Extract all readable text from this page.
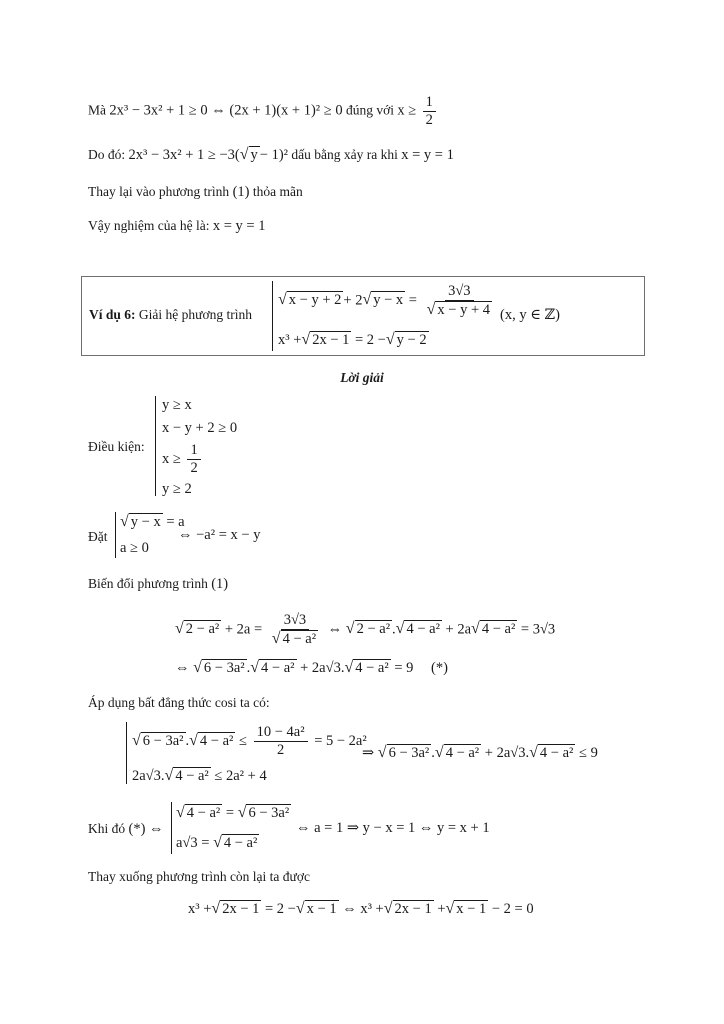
Mà 2x³ − 3x² + 1 ≥ 0 ⇔ (2x + 1)(x + 1)² ≥ 0 đúng với $x \ge \frac{1}{2}$
Do đó: 2x³ − 3x² + 1 ≥ −3(√ y − 1)² dấu bằng xảy ra khi x = y = 1
Thay lại vào phương trình (1) thỏa mãn
Vậy nghiệm của hệ là: x = y = 1
Ví dụ 6: Giải hệ phương trình
√ x − y + 2 + 2√ $y - x = \frac{3√3}{√ x - y + 4} (x$, y ∈ ℤ)
x³ +√ 2x − 1 = 2 −√ y − 2
Lời giải
Điều kiện:
y ≥ x
x − y + 2 ≥ 0
$x \ge \frac{1}{2}$
y ≥ 2
Đặt
√ y − x = a
a ≥ 0
⇔ −a² = x − y
Biến đổi phương trình (1)
√ $2 - a^2 + 2a = \frac{3√3}{\text{√ 4 − a²}}$ ⇔ √ 2 − a² .√ 4 − a² + 2a√ 4 − a² = 3√3
⇔ √ 6 − 3a² .√ 4 − a² + 2a√3.√ 4 − a² = 9 (*)
Áp dụng bất đẳng thức cosi ta có:
√ 6 − 3a² .√ $4 - a^2 \le \frac{\text{10 − 4a²}}{2} = 5 - 2a^2$
2a√3.√ 4 − a² ≤ 2a² + 4
⇒ √ 6 − 3a² .√ 4 − a² + 2a√3.√ 4 − a² ≤ 9
Khi đó (*) ⇔
√ 4 − a² = √ 6 − 3a²
a√3 = √ 4 − a²
⇔ a = 1 ⇒ y − x = 1 ⇔ y = x + 1
Thay xuống phương trình còn lại ta được
x³ +√ 2x − 1 = 2 −√ x − 1 ⇔ x³ +√ 2x − 1 +√ x − 1 − 2 = 0
